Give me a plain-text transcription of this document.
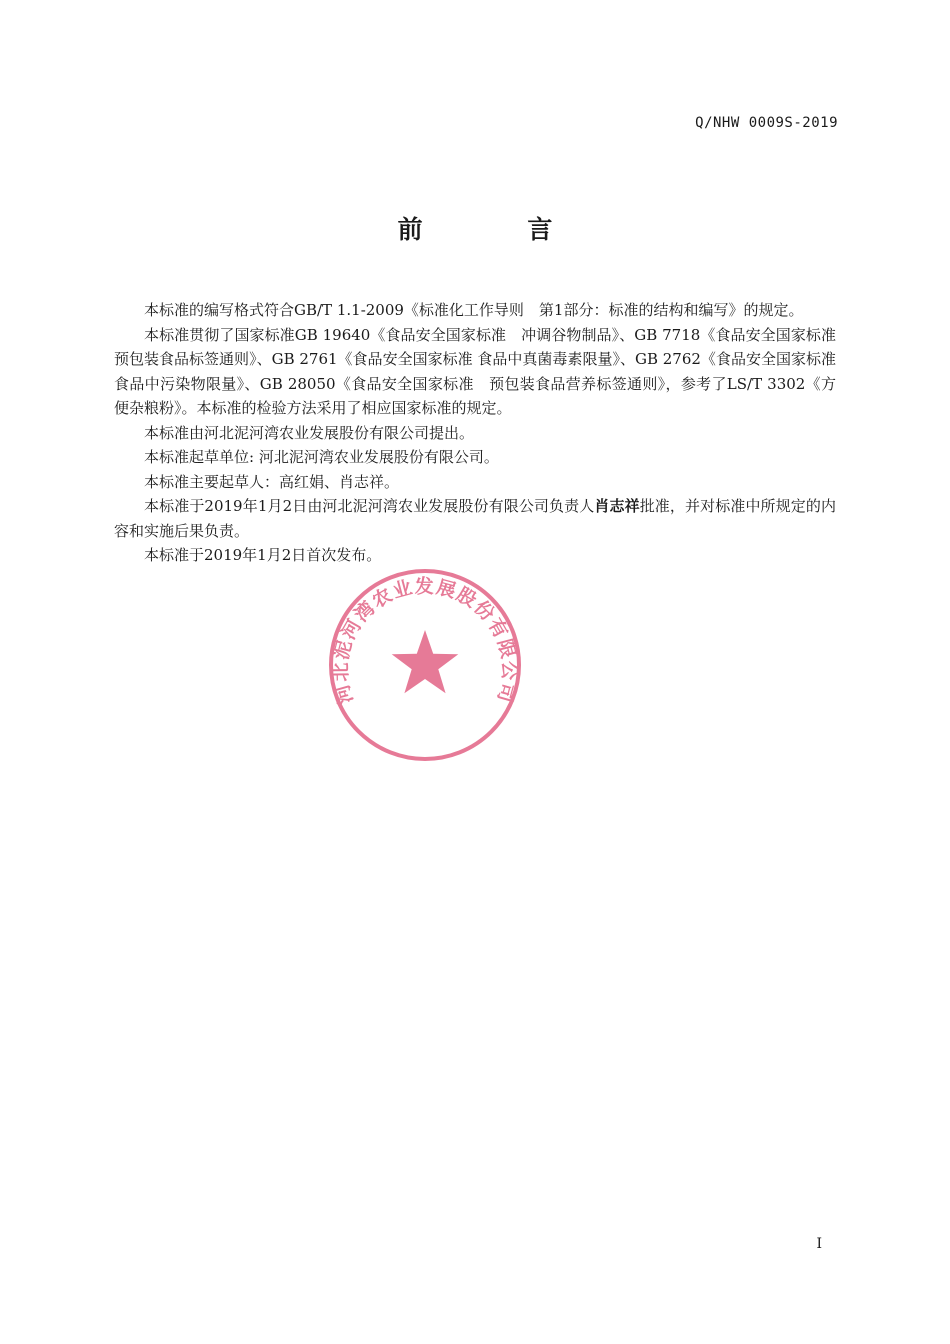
Q/NHW 0009S-2019
前 言

本标准的编写格式符合GB/T 1.1-2009《标准化工作导则　第1部分：标准的结构和编写》的规定。

本标准贯彻了国家标准GB 19640《食品安全国家标准　冲调谷物制品》、GB 7718《食品安全国家标准　预包装食品标签通则》、GB 2761《食品安全国家标准 食品中真菌毒素限量》、GB 2762《食品安全国家标准 食品中污染物限量》、GB 28050《食品安全国家标准　预包装食品营养标签通则》，参考了LS/T 3302《方便杂粮粉》。本标准的检验方法采用了相应国家标准的规定。

本标准由河北泥河湾农业发展股份有限公司提出。

本标准起草单位: 河北泥河湾农业发展股份有限公司。

本标准主要起草人：高红娟、肖志祥。

本标准于2019年1月2日由河北泥河湾农业发展股份有限公司负责人肖志祥批准，并对标准中所规定的内容和实施后果负责。

本标准于2019年1月2日首次发布。

河北泥河湾农业发展股份有限公司
I
